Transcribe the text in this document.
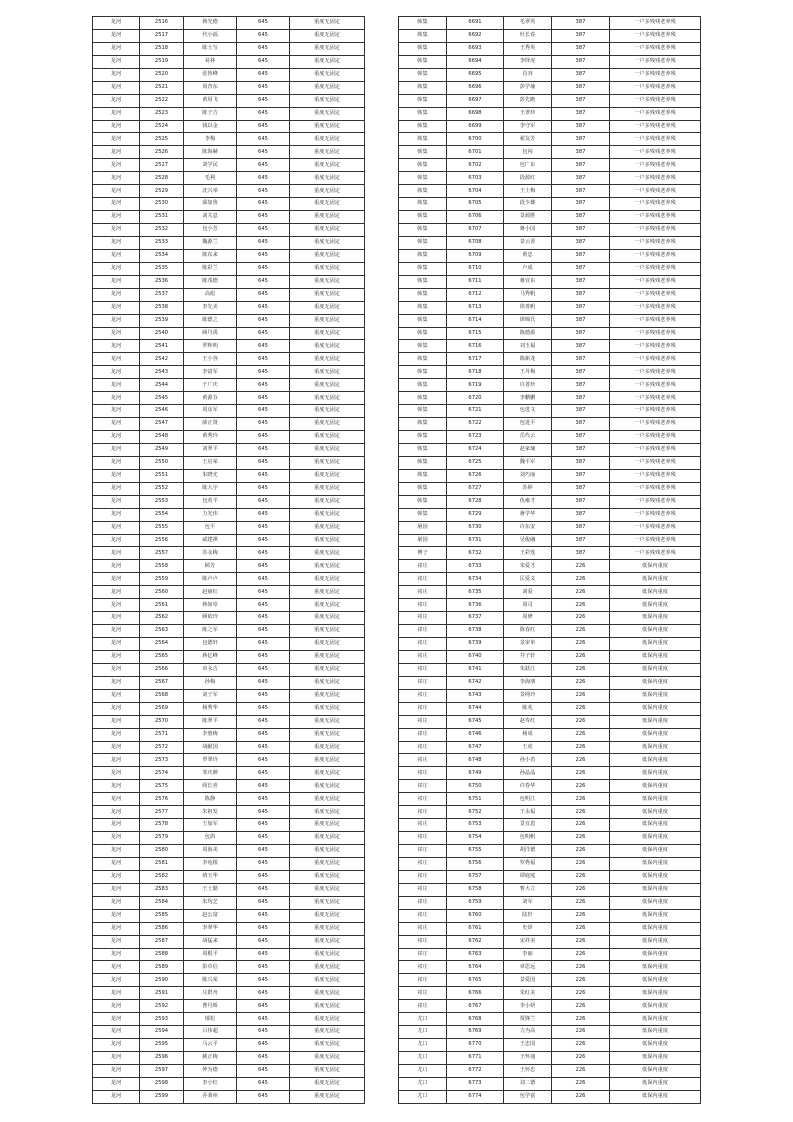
龙河	2516	蒋光德	645	重度无固定
龙河	2517	代小福	645	重度无固定
龙河	2518	陈士写	645	重度无固定
龙河	2519	易林	645	重度无固定
龙河	2520	张鲁峰	645	重度无固定
龙河	2521	周青东	645	重度无固定
龙河	2522	黄用飞	645	重度无固定
龙河	2523	陈子吉	645	重度无固定
龙河	2524	钱以金	645	重度无固定
龙河	2525	李梅	645	重度无固定
龙河	2526	陈海赫	645	重度无固定
龙河	2527	刘学民	645	重度无固定
龙河	2528	毛利	645	重度无固定
龙河	2529	沈兴举	645	重度无固定
龙河	2530	邱如鲁	645	重度无固定
龙河	2531	刘关息	645	重度无固定
龙河	2532	包小芳	645	重度无固定
龙河	2533	魏源兰	645	重度无固定
龙河	2534	陈东来	645	重度无固定
龙河	2535	陈彩兰	645	重度无固定
龙河	2536	陈茂德	645	重度无固定
龙河	2537	高彪	645	重度无固定
龙河	2538	李先美	645	重度无固定
龙河	2539	陈德之	645	重度无固定
龙河	2540	顾丹禹	645	重度无固定
龙河	2541	罗辉明	645	重度无固定
龙河	2542	王小容	645	重度无固定
龙河	2543	李富军	645	重度无固定
龙河	2544	于广庆	645	重度无固定
龙河	2545	黄源芬	645	重度无固定
龙河	2546	周彦军	645	重度无固定
龙河	2547	薛正贤	645	重度无固定
龙河	2548	黄秀玲	645	重度无固定
龙河	2549	刘翠平	645	重度无固定
龙河	2550	王启荣	645	重度无固定
龙河	2551	朱晓光	645	重度无固定
龙河	2552	陈大宇	645	重度无固定
龙河	2553	包英平	645	重度无固定
龙河	2554	力光伟	645	重度无固定
龙河	2555	包平	645	重度无固定
龙河	2556	咸建祺	645	重度无固定
龙河	2557	苏永梅	645	重度无固定
龙河	2558	顾芳	645	重度无固定
龙河	2559	陈卢卢	645	重度无固定
龙河	2560	赵丽红	645	重度无固定
龙河	2561	蒋如草	645	重度无固定
龙河	2562	顾依玲	645	重度无固定
龙河	2563	陈之军	645	重度无固定
龙河	2564	包德轩	645	重度无固定
龙河	2565	蒋亿峰	645	重度无固定
龙河	2566	章永吉	645	重度无固定
龙河	2567	孙梅	645	重度无固定
龙河	2568	刘子军	645	重度无固定
龙河	2569	杨秀华	645	重度无固定
龙河	2570	陈翠平	645	重度无固定
龙河	2571	李惠梅	645	重度无固定
龙河	2572	胡献国	645	重度无固定
龙河	2573	罗翠玲	645	重度无固定
龙河	2574	邹庆颜	645	重度无固定
龙河	2575	阎长喜	645	重度无固定
龙河	2576	陈静	645	重度无固定
龙河	2577	朱祖发	645	重度无固定
龙河	2578	王加军	645	重度无固定
龙河	2579	包鸽	645	重度无固定
龙河	2580	周海美	645	重度无固定
龙河	2581	李龟根	645	重度无固定
龙河	2582	靖玉华	645	重度无固定
龙河	2583	王士勤	645	重度无固定
龙河	2584	朱均芝	645	重度无固定
龙河	2585	赵公富	645	重度无固定
龙河	2586	李翠华	645	重度无固定
龙河	2587	胡猛来	645	重度无固定
龙河	2588	周根平	645	重度无固定
龙河	2589	彭卓信	645	重度无固定
龙河	2590	陈兴荣	645	重度无固定
龙河	2591	庄群舟	645	重度无固定
龙河	2592	曹丹娇	645	重度无固定
龙河	2593	郁松	645	重度无固定
龙河	2594	吕伟超	645	重度无固定
龙河	2595	马云平	645	重度无固定
龙河	2596	姚正梅	645	重度无固定
龙河	2597	仲为德	645	重度无固定
龙河	2598	李小红	645	重度无固定
龙河	2599	乔秉州	645	重度无固定
韩集	6691	毛翠英	387	一户多残残老养残
韩集	6692	杜长春	387	一户多残残老养残
韩集	6693	王秀英	387	一户多残残老养残
韩集	6694	李铎虎	387	一户多残残老养残
韩集	6695	肖容	387	一户多残残老养残
韩集	6696	彭学瑜	387	一户多残残老养残
韩集	6697	彭先瞻	387	一户多残残老养残
韩集	6698	王翠珍	387	一户多残残老养残
韩集	6699	李守军	387	一户多残残老养残
韩集	6700	翟友芳	387	一户多残残老养残
韩集	6701	包闯	387	一户多残残老养残
韩集	6702	包广东	387	一户多残残老养残
韩集	6703	段源红	387	一户多残残老养残
韩集	6704	王士梅	387	一户多残残老养残
韩集	6705	段少雄	387	一户多残残老养残
韩集	6706	景源胜	387	一户多残残老养残
韩集	6707	蒋小园	387	一户多残残老养残
韩集	6708	景云香	387	一户多残残老养残
韩集	6709	黄忠	387	一户多残残老养残
韩集	6710	卢成	387	一户多残残老养残
韩集	6711	蒋宜东	387	一户多残残老养残
韩集	6712	马秀帆	387	一户多残残老养残
韩集	6713	徐善帆	387	一户多残残老养残
韩集	6714	徐锦氏	387	一户多残残老养残
韩集	6715	陈德源	387	一户多残残老养残
韩集	6716	刘玉福	387	一户多残残老养残
韩集	6717	陈新龙	387	一户多残残老养残
韩集	6718	王丹梅	387	一户多残残老养残
韩集	6719	许善珍	387	一户多残残老养残
韩集	6720	李鹏鹏	387	一户多残残老养残
韩集	6721	包进文	387	一户多残残老养残
韩集	6722	包进平	387	一户多残残老养残
韩集	6723	岳代云	387	一户多残残老养残
韩集	6724	赵家瑜	387	一户多残残老养残
韩集	6725	魏平军	387	一户多残残老养残
韩集	6726	刘巧丽	387	一户多残残老养残
韩集	6727	苏婷	387	一户多残残老养残
韩集	6728	仇雍才	387	一户多残残老养残
韩集	6729	蒋学华	387	一户多残残老养残
屠园	6730	许东安	387	一户多残残老养残
屠园	6731	吴俊融	387	一户多残残老养残
博子	6732	王彩莲	387	一户多残残老养残
祁庄	6733	朱爱才	226	低保内重度
祁庄	6734	匡爱义	226	低保内重度
祁庄	6735	刘爱	226	低保内重度
祁庄	6736	周司	226	低保内重度
祁庄	6737	周修	226	低保内重度
祁庄	6738	陈春红	226	低保内重度
祁庄	6739	景审单	226	低保内重度
祁庄	6740	井子轩	226	低保内重度
祁庄	6741	朱跃江	226	低保内重度
祁庄	6742	李海朋	226	低保内重度
祁庄	6743	景网玲	226	低保内重度
祁庄	6744	陈兆	226	低保内重度
祁庄	6745	赵寿红	226	低保内重度
祁庄	6746	杨成	226	低保内重度
祁庄	6747	王虎	226	低保内重度
祁庄	6748	孙小省	226	低保内重度
祁庄	6749	孙晶晶	226	低保内重度
祁庄	6750	许春华	226	低保内重度
祁庄	6751	包明江	226	低保内重度
祁庄	6752	王永福	226	低保内重度
祁庄	6753	景宜恩	226	低保内重度
祁庄	6754	包明帆	226	低保内重度
祁庄	6755	胡洋德	226	低保内重度
祁庄	6756	罗秀福	226	低保内重度
祁庄	6757	谭庭庭	226	低保内重度
祁庄	6758	曹大立	226	低保内重度
祁庄	6759	刘军	226	低保内重度
祁庄	6760	陆轩	226	低保内重度
祁庄	6761	史铎	226	低保内重度
祁庄	6762	宋祥美	226	低保内重度
祁庄	6763	李丽	226	低保内重度
祁庄	6764	章思远	226	低保内重度
祁庄	6765	景爱国	226	低保内重度
祁庄	6766	朱红美	226	低保内重度
祁庄	6767	李小妍	226	低保内重度
尤口	6768	贾锋兰	226	低保内重度
尤口	6769	力为高	226	低保内重度
尤口	6770	王忠国	226	低保内重度
尤口	6771	王怀通	226	低保内重度
尤口	6772	王怀忠	226	低保内重度
尤口	6773	刘二德	226	低保内重度
尤口	6774	包学富	226	低保内重度
